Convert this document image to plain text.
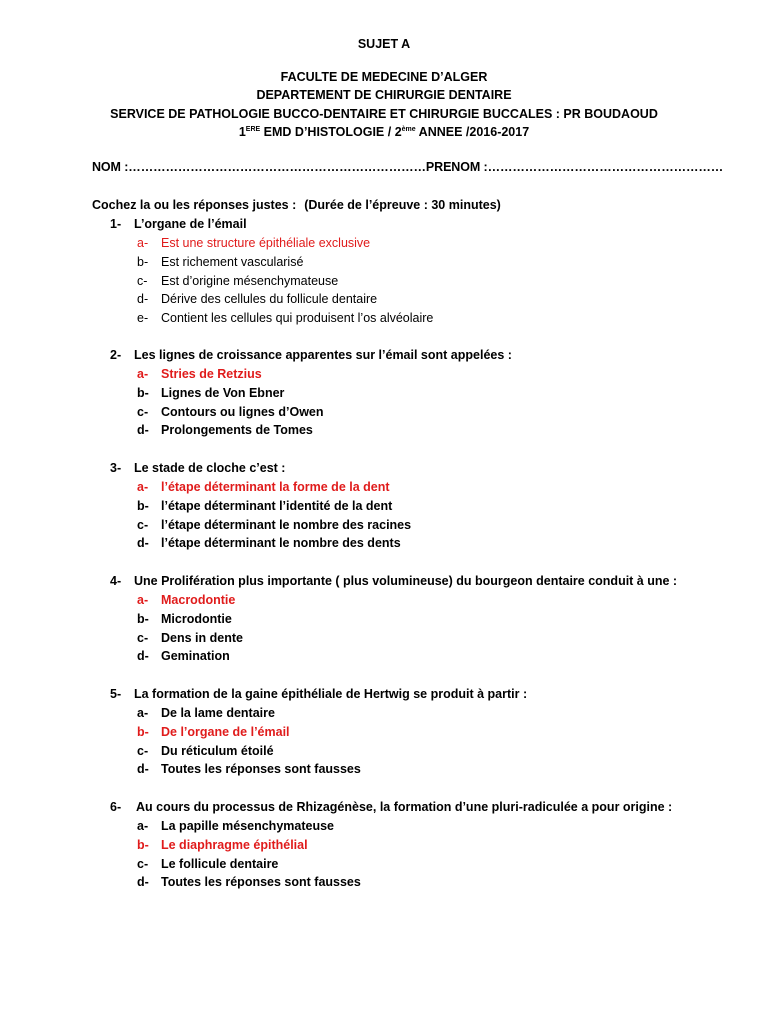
SUJET A
FACULTE DE MEDECINE D’ALGER
DEPARTEMENT DE CHIRURGIE DENTAIRE
SERVICE DE PATHOLOGIE BUCCO-DENTAIRE ET CHIRURGIE BUCCALES : PR BOUDAOUD
1ERE EMD D’HISTOLOGIE / 2ème ANNEE /2016-2017
NOM :………………………………………………………………PRENOM :…………………………………………………
Cochez la ou les réponses justes : (Durée de l’épreuve : 30 minutes)
1- L’organe de l’émail
a- Est une structure épithéliale exclusive
b- Est richement vascularisé
c- Est d’origine mésenchymateuse
d- Dérive des cellules du follicule dentaire
e- Contient les cellules qui produisent l’os alvéolaire
2- Les lignes de croissance apparentes sur l’émail sont appelées :
a- Stries de Retzius
b- Lignes de Von Ebner
c- Contours ou lignes d’Owen
d- Prolongements de Tomes
3- Le stade de cloche c’est :
a- l’étape déterminant la forme de la dent
b- l’étape déterminant l’identité de la dent
c- l’étape déterminant le nombre des racines
d- l’étape déterminant le nombre des dents
4- Une Prolifération plus importante ( plus volumineuse) du bourgeon dentaire conduit à une :
a- Macrodontie
b- Microdontie
c- Dens in dente
d- Gemination
5- La formation de la gaine épithéliale de Hertwig se produit à partir :
a- De la lame dentaire
b- De l’organe de l’émail
c- Du réticulum étoilé
d- Toutes les réponses sont fausses
6- Au cours du processus de Rhizagénèse, la formation d’une pluri-radiculée a pour origine :
a- La papille mésenchymateuse
b- Le diaphragme épithélial
c- Le follicule dentaire
d- Toutes les réponses sont fausses
